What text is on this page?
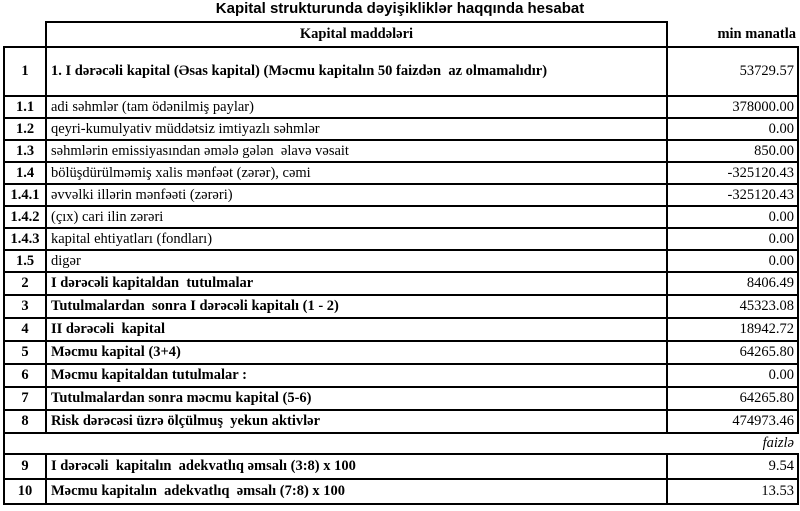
Kapital strukturunda dəyişikliklər haqqında hesabat
	Kapital maddələri	min manatla
1	1. I dərəcəli kapital (Əsas kapital) (Məcmu kapitalın 50 faizdən  az olmamalıdır)	53729.57
1.1	adi səhmlər (tam ödənilmiş paylar)	378000.00
1.2	qeyri-kumulyativ müddətsiz imtiyazlı səhmlər	0.00
1.3	səhmlərin emissiyasından əmələ gələn  əlavə vəsait	850.00
1.4	bölüşdürülməmiş xalis mənfəət (zərər), cəmi	-325120.43
1.4.1	əvvəlki illərin mənfəəti (zərəri)	-325120.43
1.4.2	(çıx) cari ilin zərəri	0.00
1.4.3	kapital ehtiyatları (fondları)	0.00
1.5	digər	0.00
2	I dərəcəli kapitaldan  tutulmalar	8406.49
3	Tutulmalardan  sonra I dərəcəli kapitalı (1 - 2)	45323.08
4	II dərəcəli  kapital	18942.72
5	Məcmu kapital (3+4)	64265.80
6	Məcmu kapitaldan tutulmalar :	0.00
7	Tutulmalardan sonra məcmu kapital (5-6)	64265.80
8	Risk dərəcəsi üzrə ölçülmuş  yekun aktivlər	474973.46
faizlə		
9	I dərəcəli  kapitalın  adekvatlıq əmsalı (3:8) x 100	9.54
10	Məcmu kapitalın  adekvatlıq  əmsalı (7:8) x 100	13.53
